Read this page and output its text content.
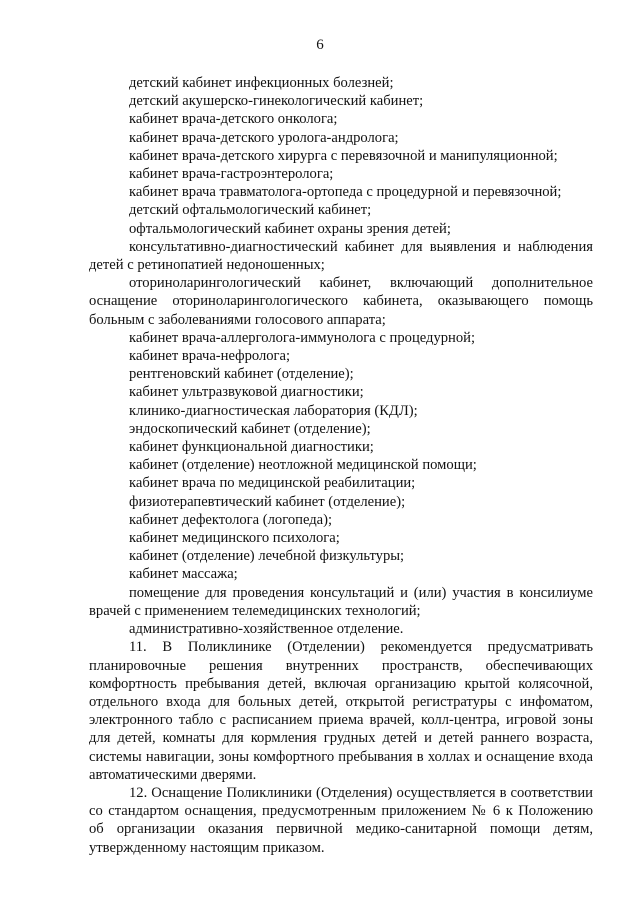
6

детский кабинет инфекционных болезней;

детский акушерско-гинекологический кабинет;

кабинет врача-детского онколога;

кабинет врача-детского уролога-андролога;

кабинет врача-детского хирурга с перевязочной и манипуляционной;

кабинет врача-гастроэнтеролога;

кабинет врача травматолога-ортопеда с процедурной и перевязочной;

детский офтальмологический кабинет;

офтальмологический кабинет охраны зрения детей;

консультативно-диагностический кабинет для выявления и наблюдения детей с ретинопатией недоношенных;

оториноларингологический кабинет, включающий дополнительное оснащение оториноларингологического кабинета, оказывающего помощь больным с заболеваниями голосового аппарата;

кабинет врача-аллерголога-иммунолога с процедурной;

кабинет врача-нефролога;

рентгеновский кабинет (отделение);

кабинет ультразвуковой диагностики;

клинико-диагностическая лаборатория (КДЛ);

эндоскопический кабинет (отделение);

кабинет функциональной диагностики;

кабинет (отделение) неотложной медицинской помощи;

кабинет врача по медицинской реабилитации;

физиотерапевтический кабинет (отделение);

кабинет дефектолога (логопеда);

кабинет медицинского психолога;

кабинет (отделение) лечебной физкультуры;

кабинет массажа;

помещение для проведения консультаций и (или) участия в консилиуме врачей с применением телемедицинских технологий;

административно-хозяйственное отделение.

11. В Поликлинике (Отделении) рекомендуется предусматривать планировочные решения внутренних пространств, обеспечивающих комфортность пребывания детей, включая организацию крытой колясочной, отдельного входа для больных детей, открытой регистратуры с инфоматом, электронного табло с расписанием приема врачей, колл-центра, игровой зоны для детей, комнаты для кормления грудных детей и детей раннего возраста, системы навигации, зоны комфортного пребывания в холлах и оснащение входа автоматическими дверями.

12. Оснащение Поликлиники (Отделения) осуществляется в соответствии со стандартом оснащения, предусмотренным приложением № 6 к Положению об организации оказания первичной медико-санитарной помощи детям, утвержденному настоящим приказом.
